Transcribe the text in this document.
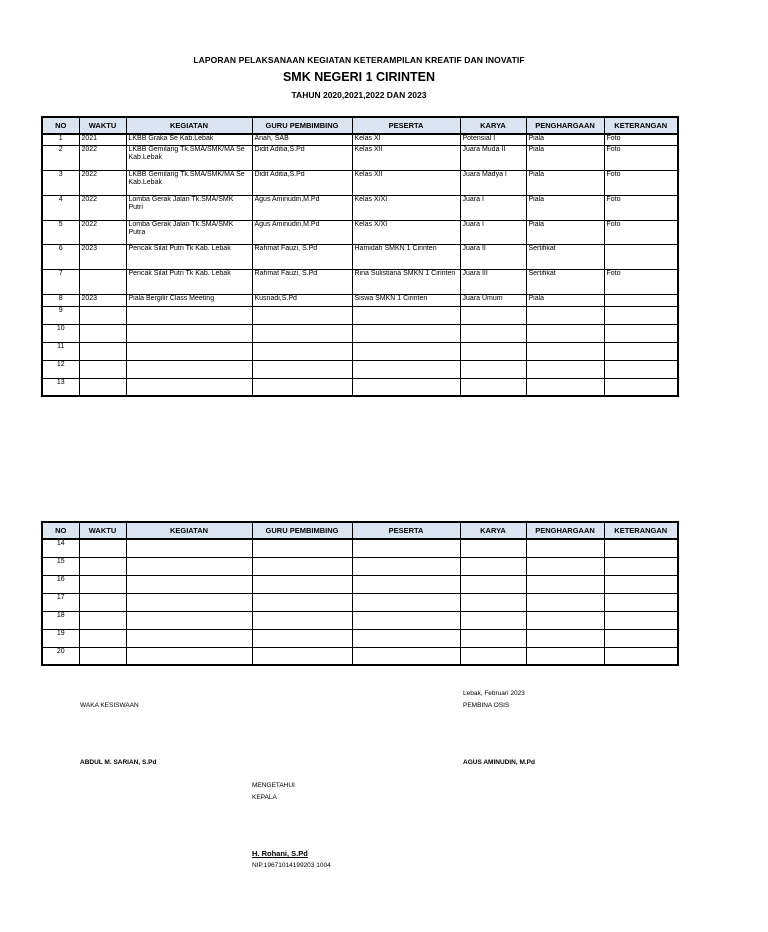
LAPORAN PELAKSANAAN KEGIATAN KETERAMPILAN KREATIF DAN INOVATIF
SMK NEGERI 1 CIRINTEN
TAHUN 2020,2021,2022 DAN 2023
NO	WAKTU	KEGIATAN	GURU PEMBIMBING	PESERTA	KARYA	PENGHARGAAN	KETERANGAN
1	2021	LKBB Graka Se Kab.Lebak	Anah, SAB	Kelas XI	Potensial I	Piala	Foto
2	2022	LKBB Gemilang Tk.SMA/SMK/MA Se Kab.Lebak	Didit Aditia,S.Pd	Kelas XII	Juara Muda II	Piala	Foto
3	2022	LKBB Gemilang Tk.SMA/SMK/MA Se Kab.Lebak	Didit Aditia,S.Pd	Kelas XII	Juara Madya I	Piala	Foto
4	2022	Lomba Gerak Jalan Tk.SMA/SMK Putri	Agus Aminudin,M.Pd	Kelas X/XI	Juara I	Piala	Foto
5	2022	Lomba Gerak Jalan Tk.SMA/SMK Putra	Agus Aminudin,M.Pd	Kelas X/XI	Juara I	Piala	Foto
6	2023	Pencak Silat Putri Tk Kab. Lebak	Rahmat Fauzi, S.Pd	Hamidah SMKN 1 Cirinten	Juara II	Sertifikat	
7		Pencak Silat Putri Tk Kab. Lebak	Rahmat Fauzi, S.Pd	Rina Sulistiana SMKN 1 Cirinten	Juara III	Sertifikat	Foto
8	2023	Piala Bergilir Class Meeting	Kusnadi,S.Pd	Siswa SMKN 1 Cirinten	Juara Umum	Piala	
9		

10		

11		

12		

13		

NO	WAKTU	KEGIATAN	GURU PEMBIMBING	PESERTA	KARYA	PENGHARGAAN	KETERANGAN
14							
15							
16							
17							
18							
19							
20							
Lebak, Februari 2023
WAKA KESISWAAN	PEMBINA OSIS
ABDUL M. SARIAN, S.Pd	AGUS AMINUDIN, M.Pd
MENGETAHUI
KEPALA
H. Rohani, S.Pd
NIP.19671014199203 1004
